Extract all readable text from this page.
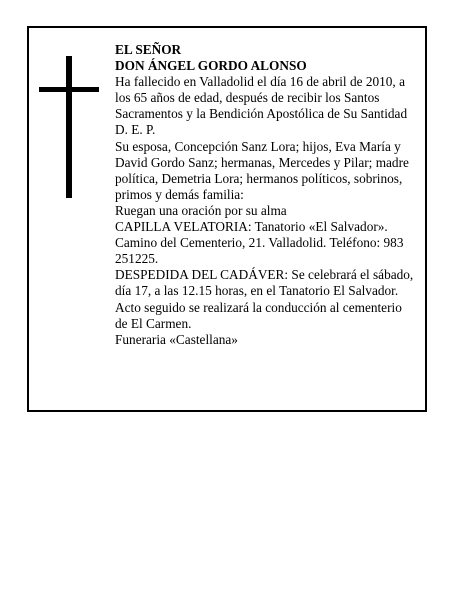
EL SEÑOR

DON ÁNGEL GORDO ALONSO

Ha fallecido en Valladolid el día 16 de abril de 2010, a los 65 años de edad, después de recibir los Santos Sacramentos y la Bendición Apostólica de Su Santidad D. E. P.

Su esposa, Concepción Sanz Lora; hijos, Eva María y David Gordo Sanz; hermanas, Mercedes y Pilar; madre política, Demetria Lora; hermanos políticos, sobrinos, primos y demás familia:

Ruegan una oración por su alma

CAPILLA VELATORIA: Tanatorio «El Salvador». Camino del Cementerio, 21. Valladolid. Teléfono: 983 251225.

DESPEDIDA DEL CADÁVER: Se celebrará el sábado, día 17, a las 12.15 horas, en el Tanatorio El Salvador. Acto seguido se realizará la conducción al cementerio de El Carmen.

Funeraria «Castellana»
